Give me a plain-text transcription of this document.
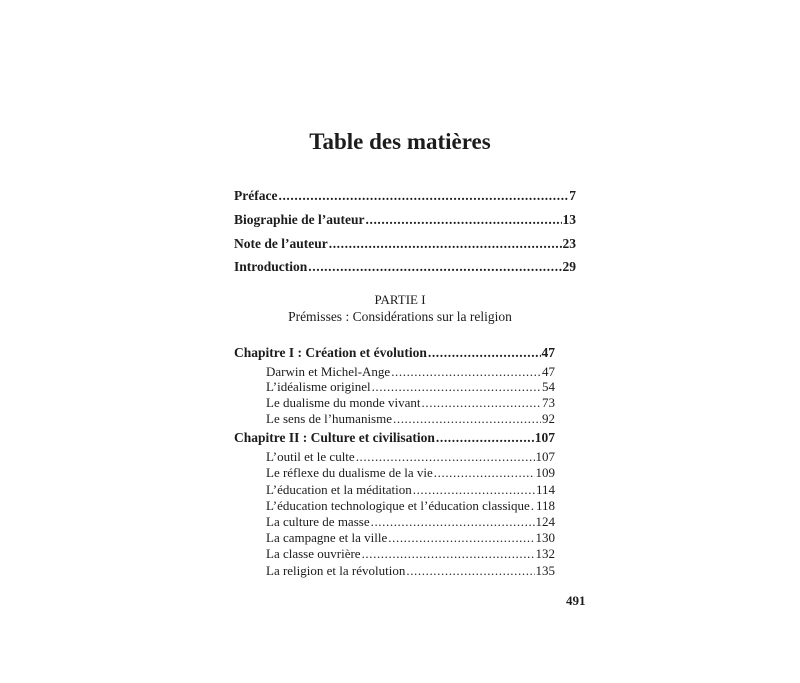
Table des matières
Préface .....	7
Biographie de l’auteur .....	13
Note de l’auteur .....	23
Introduction .....	29
PARTIE I
Prémisses : Considérations sur la religion
Chapitre I : Création et évolution .....	47
Darwin et Michel-Ange .....	47
L’idéalisme originel .....	54
Le dualisme du monde vivant .....	73
Le sens de l’humanisme .....	92
Chapitre II : Culture et civilisation .....	107
L’outil et le culte .....	107
Le réflexe du dualisme de la vie .....	109
L’éducation et la méditation .....	114
L’éducation technologique et l’éducation classique ..... 118
La culture de masse .....	124
La campagne et la ville .....	130
La classe ouvrière .....	132
La religion et la révolution .....	135
491
